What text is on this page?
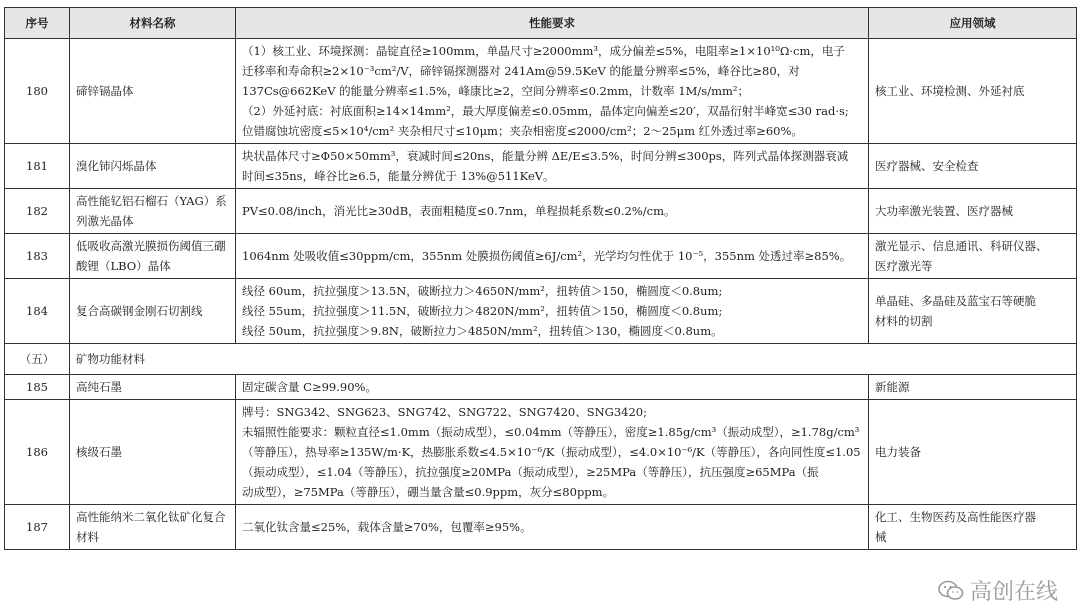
序号	材料名称	性能要求	应用领域
180	碲锌镉晶体	（1）核工业、环境探测：晶锭直径≥100mm，单晶尺寸≥2000mm³，成分偏差≤5%，电阻率≥1×10¹⁰Ω·cm，电子
迁移率和寿命积≥2×10⁻³cm²/V，碲锌镉探测器对 241Am@59.5KeV 的能量分辨率≤5%，峰谷比≥80，对
137Cs@662KeV 的能量分辨率≤1.5%，峰康比≥2，空间分辨率≤0.2mm，计数率 1M/s/mm²；
（2）外延衬底：衬底面积≥14×14mm²，最大厚度偏差≤0.05mm，晶体定向偏差≤20′，双晶衍射半峰宽≤30 rad·s;
位错腐蚀坑密度≤5×10⁴/cm² 夹杂相尺寸≤10μm；夹杂相密度≤2000/cm²；2～25μm 红外透过率≥60%。	核工业、环境检测、外延衬底

181	溴化铈闪烁晶体	块状晶体尺寸≥Φ50×50mm³，衰减时间≤20ns，能量分辨 ΔE/E≤3.5%，时间分辨≤300ps，阵列式晶体探测器衰减
时间≤35ns，峰谷比≥6.5，能量分辨优于 13%@511KeV。	医疗器械、安全检查

182	高性能钇铝石榴石（YAG）系列激光晶体	PV≤0.08/inch，消光比≥30dB，表面粗糙度≤0.7nm，单程损耗系数≤0.2%/cm。	大功率激光装置、医疗器械

183	低吸收高激光膜损伤阈值三硼酸锂（LBO）晶体	1064nm 处吸收值≤30ppm/cm，355nm 处膜损伤阈值≥6J/cm²，光学均匀性优于 10⁻⁵，355nm 处透过率≥85%。	激光显示、信息通讯、科研仪器、
医疗激光等

184	复合高碳钢金刚石切割线	线径 60um，抗拉强度＞13.5N，破断拉力＞4650N/mm²，扭转值＞150，椭圆度＜0.8um;
线径 55um，抗拉强度＞11.5N，破断拉力＞4820N/mm²，扭转值＞150，椭圆度＜0.8um;
线径 50um，抗拉强度＞9.8N，破断拉力＞4850N/mm²，扭转值＞130，椭圆度＜0.8um。	单晶硅、多晶硅及蓝宝石等硬脆
材料的切割

（五）	矿物功能材料		
185	高纯石墨	固定碳含量 C≥99.90%。	新能源

186	核级石墨	牌号：SNG342、SNG623、SNG742、SNG722、SNG7420、SNG3420;
未辐照性能要求：颗粒直径≤1.0mm（振动成型），≤0.04mm（等静压），密度≥1.85g/cm³（振动成型），≥1.78g/cm³
（等静压），热导率≥135W/m·K，热膨胀系数≤4.5×10⁻⁶/K（振动成型），≤4.0×10⁻⁶/K（等静压），各向同性度≤1.05
（振动成型），≤1.04（等静压），抗拉强度≥20MPa（振动成型），≥25MPa（等静压），抗压强度≥65MPa（振
动成型），≥75MPa（等静压），硼当量含量≤0.9ppm，灰分≤80ppm。	电力装备

187	高性能纳米二氧化钛矿化复合材料	二氧化钛含量≤25%，载体含量≥70%，包覆率≥95%。	化工、生物医药及高性能医疗器
械
高创在线
